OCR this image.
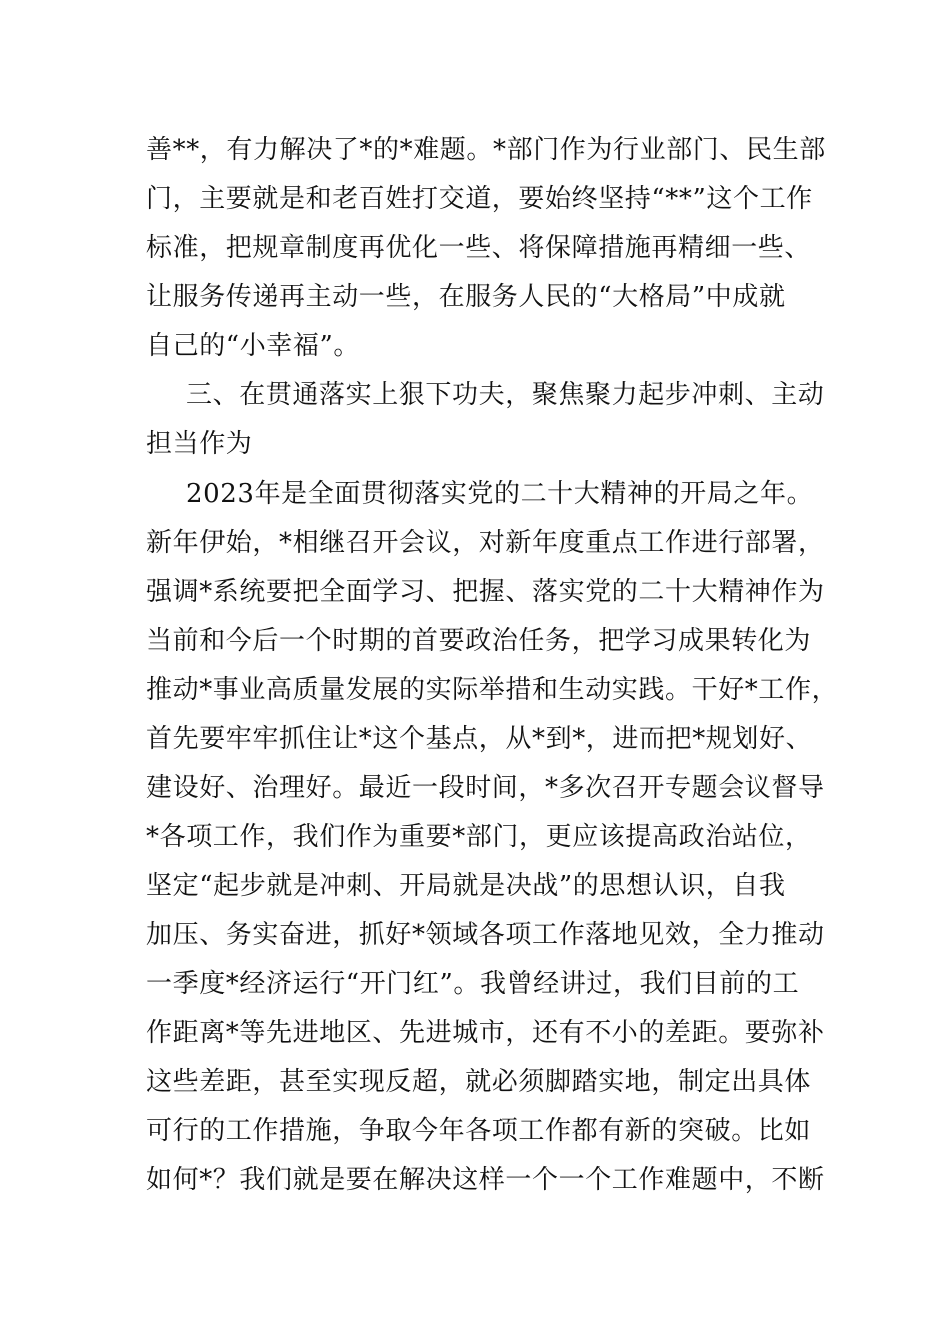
善**，有力解决了*的*难题。*部门作为行业部门、民生部
门，主要就是和老百姓打交道，要始终坚持“**”这个工作
标准，把规章制度再优化一些、将保障措施再精细一些、
让服务传递再主动一些，在服务人民的“大格局”中成就
自己的“小幸福”。
三、在贯通落实上狠下功夫，聚焦聚力起步冲刺、主动
担当作为
2023年是全面贯彻落实党的二十大精神的开局之年。
新年伊始，*相继召开会议，对新年度重点工作进行部署，
强调*系统要把全面学习、把握、落实党的二十大精神作为
当前和今后一个时期的首要政治任务，把学习成果转化为
推动*事业高质量发展的实际举措和生动实践。干好*工作，
首先要牢牢抓住让*这个基点，从*到*，进而把*规划好、
建设好、治理好。最近一段时间，*多次召开专题会议督导
*各项工作，我们作为重要*部门，更应该提高政治站位，
坚定“起步就是冲刺、开局就是决战”的思想认识，自我
加压、务实奋进，抓好*领域各项工作落地见效，全力推动
一季度*经济运行“开门红”。我曾经讲过，我们目前的工
作距离*等先进地区、先进城市，还有不小的差距。要弥补
这些差距，甚至实现反超，就必须脚踏实地，制定出具体
可行的工作措施，争取今年各项工作都有新的突破。比如
如何*？我们就是要在解决这样一个一个工作难题中，不断
